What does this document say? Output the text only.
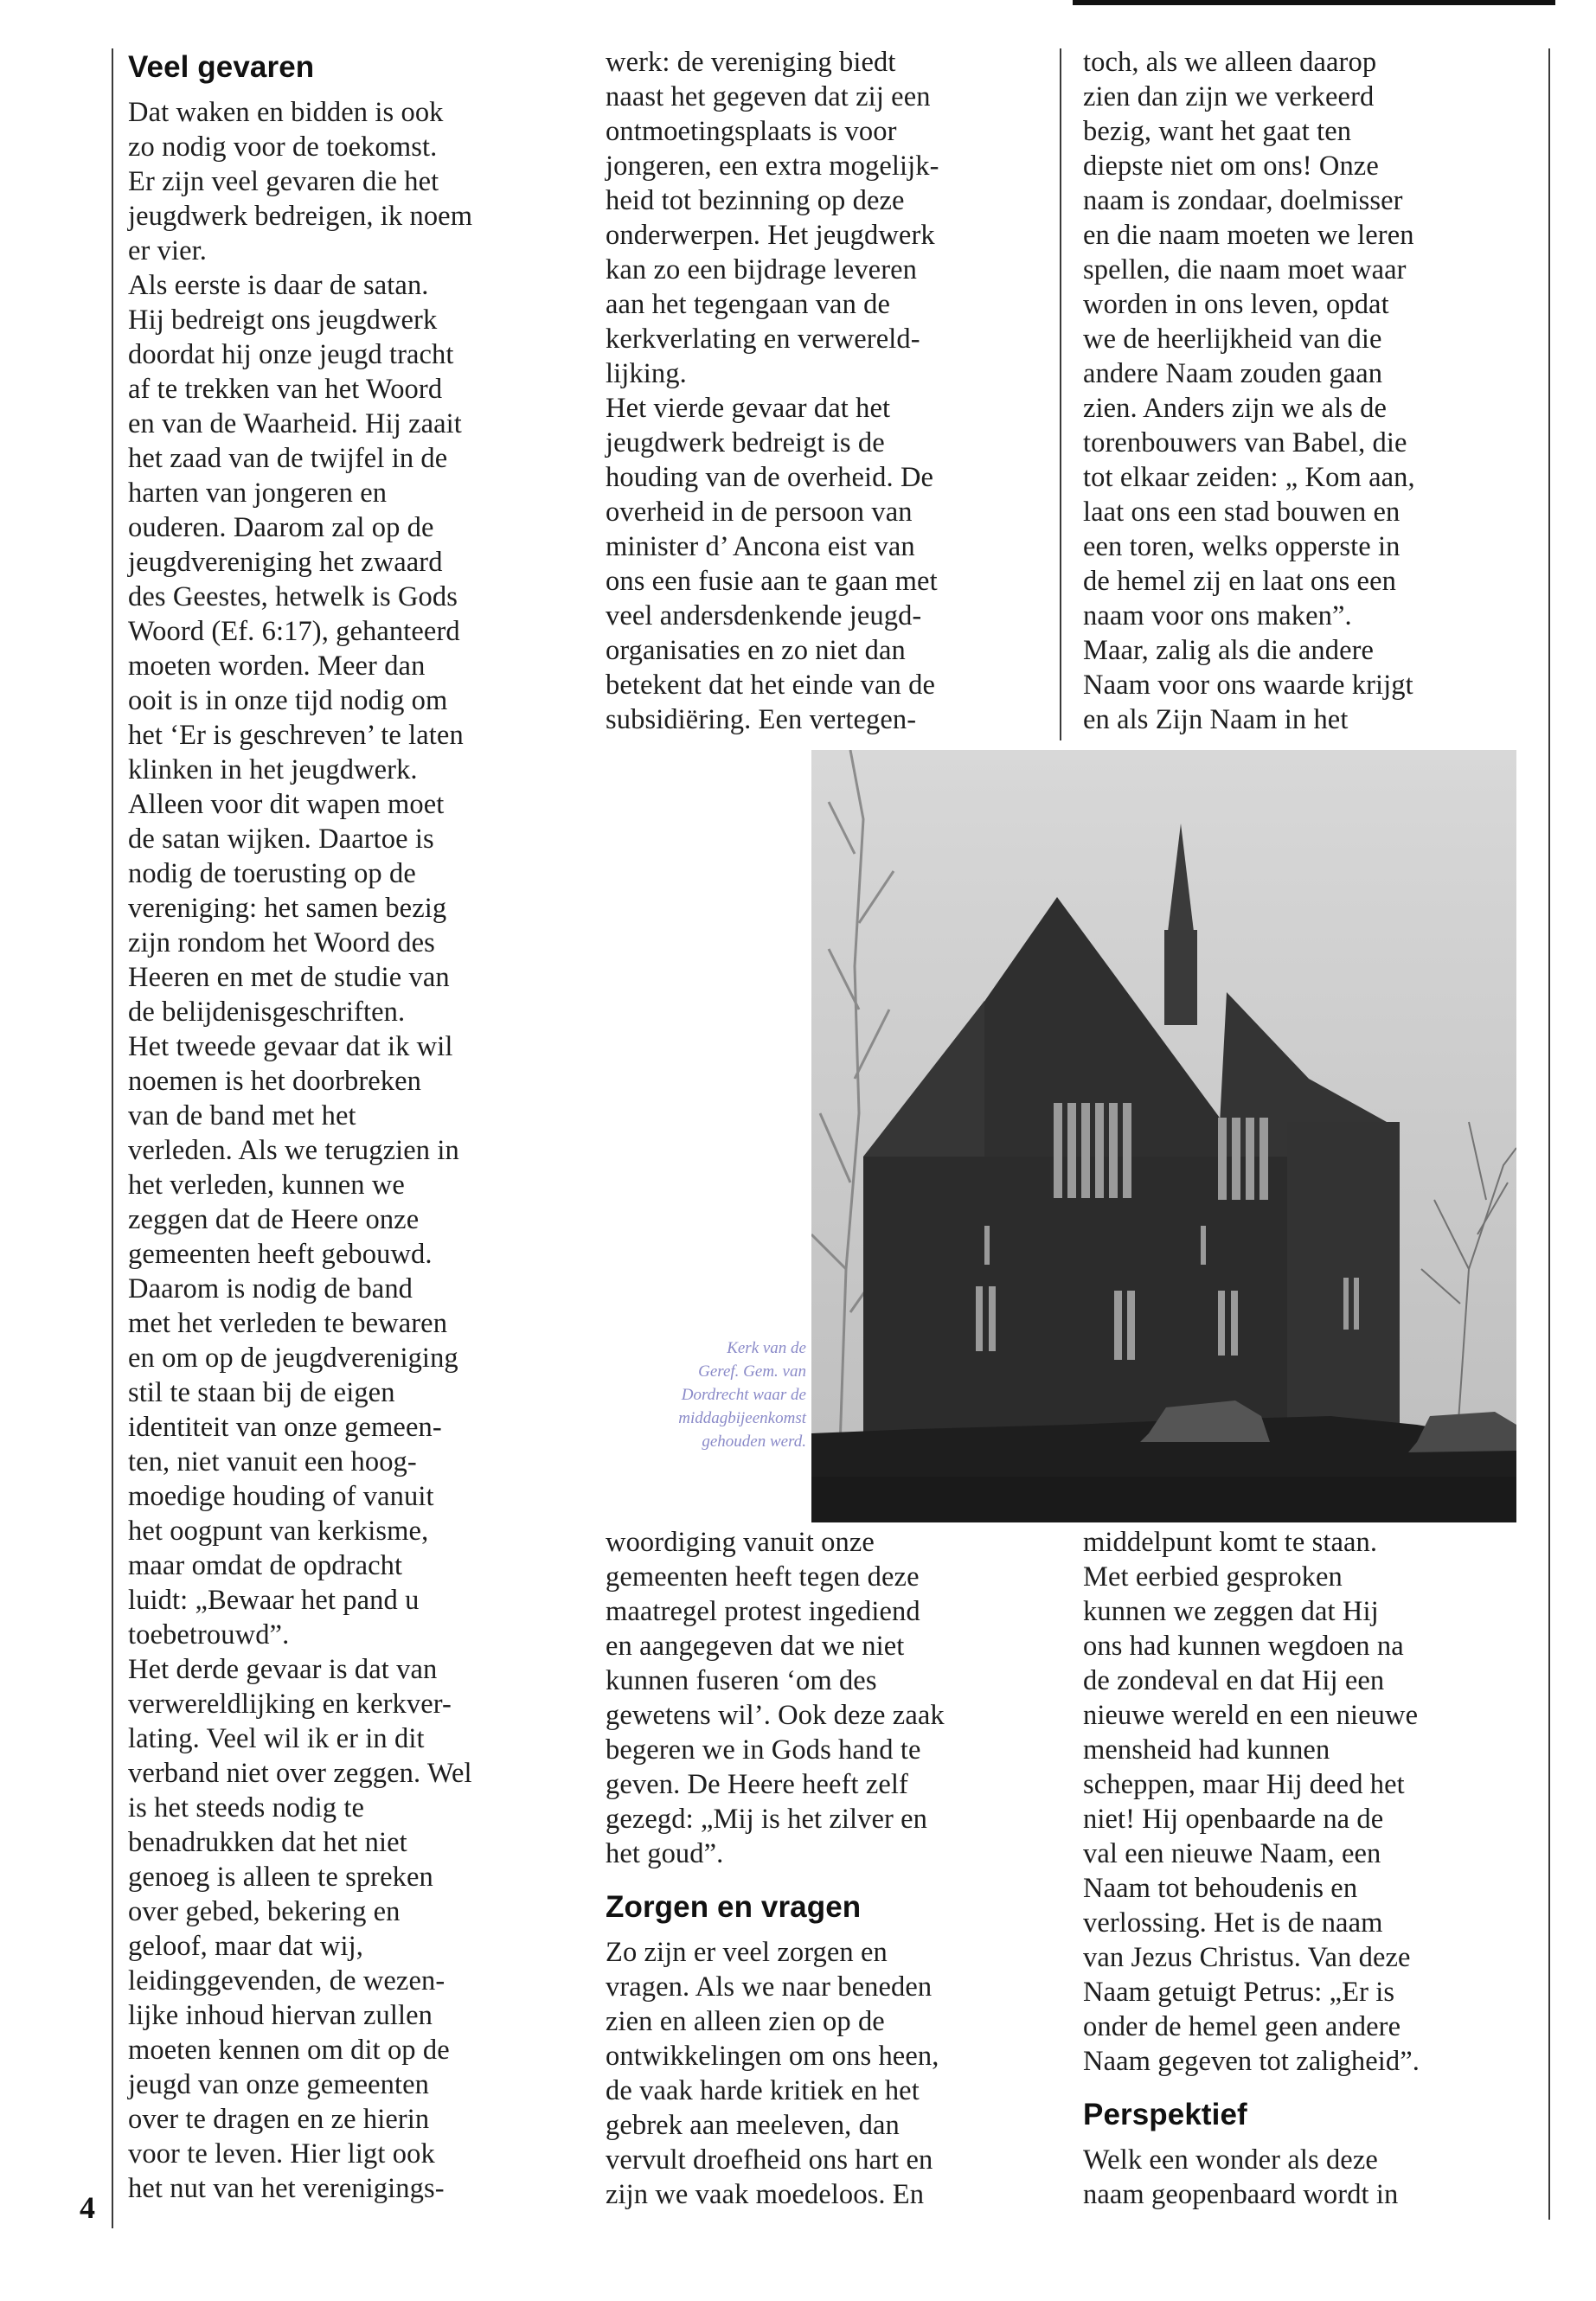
Veel gevaren

Dat waken en bidden is ook

zo nodig voor de toekomst.

Er zijn veel gevaren die het

jeugdwerk bedreigen, ik noem

er vier.

Als eerste is daar de satan.

Hij bedreigt ons jeugdwerk

doordat hij onze jeugd tracht

af te trekken van het Woord

en van de Waarheid. Hij zaait

het zaad van de twijfel in de

harten van jongeren en

ouderen. Daarom zal op de

jeugdvereniging het zwaard

des Geestes, hetwelk is Gods

Woord (Ef. 6:17), gehanteerd

moeten worden. Meer dan

ooit is in onze tijd nodig om

het ‘Er is geschreven’ te laten

klinken in het jeugdwerk.

Alleen voor dit wapen moet

de satan wijken. Daartoe is

nodig de toerusting op de

vereniging: het samen bezig

zijn rondom het Woord des

Heeren en met de studie van

de belijdenisgeschriften.

Het tweede gevaar dat ik wil

noemen is het doorbreken

van de band met het

verleden. Als we terugzien in

het verleden, kunnen we

zeggen dat de Heere onze

gemeenten heeft gebouwd.

Daarom is nodig de band

met het verleden te bewaren

en om op de jeugdvereniging

stil te staan bij de eigen

identiteit van onze gemeen-

ten, niet vanuit een hoog-

moedige houding of vanuit

het oogpunt van kerkisme,

maar omdat de opdracht

luidt: „Bewaar het pand u

toebetrouwd”.

Het derde gevaar is dat van

verwereldlijking en kerkver-

lating. Veel wil ik er in dit

verband niet over zeggen. Wel

is het steeds nodig te

benadrukken dat het niet

genoeg is alleen te spreken

over gebed, bekering en

geloof, maar dat wij,

leidinggevenden, de wezen-

lijke inhoud hiervan zullen

moeten kennen om dit op de

jeugd van onze gemeenten

over te dragen en ze hierin

voor te leven. Hier ligt ook

het nut van het verenigings-

werk: de vereniging biedt

naast het gegeven dat zij een

ontmoetingsplaats is voor

jongeren, een extra mogelijk-

heid tot bezinning op deze

onderwerpen. Het jeugdwerk

kan zo een bijdrage leveren

aan het tegengaan van de

kerkverlating en verwereld-

lijking.

Het vierde gevaar dat het

jeugdwerk bedreigt is de

houding van de overheid. De

overheid in de persoon van

minister d’ Ancona eist van

ons een fusie aan te gaan met

veel andersdenkende jeugd-

organisaties en zo niet dan

betekent dat het einde van de

subsidiëring. Een vertegen-

toch, als we alleen daarop

zien dan zijn we verkeerd

bezig, want het gaat ten

diepste niet om ons! Onze

naam is zondaar, doelmisser

en die naam moeten we leren

spellen, die naam moet waar

worden in ons leven, opdat

we de heerlijkheid van die

andere Naam zouden gaan

zien. Anders zijn we als de

torenbouwers van Babel, die

tot elkaar zeiden: „ Kom aan,

laat ons een stad bouwen en

een toren, welks opperste in

de hemel zij en laat ons een

naam voor ons maken”.

Maar, zalig als die andere

Naam voor ons waarde krijgt

en als Zijn Naam in het

Kerk van de
Geref. Gem. van
Dordrecht waar de
middagbijeenkomst
gehouden werd.

woordiging vanuit onze

gemeenten heeft tegen deze

maatregel protest ingediend

en aangegeven dat we niet

kunnen fuseren ‘om des

gewetens wil’. Ook deze zaak

begeren we in Gods hand te

geven. De Heere heeft zelf

gezegd: „Mij is het zilver en

het goud”.

Zorgen en vragen

Zo zijn er veel zorgen en

vragen. Als we naar beneden

zien en alleen zien op de

ontwikkelingen om ons heen,

de vaak harde kritiek en het

gebrek aan meeleven, dan

vervult droefheid ons hart en

zijn we vaak moedeloos. En

middelpunt komt te staan.

Met eerbied gesproken

kunnen we zeggen dat Hij

ons had kunnen wegdoen na

de zondeval en dat Hij een

nieuwe wereld en een nieuwe

mensheid had kunnen

scheppen, maar Hij deed het

niet! Hij openbaarde na de

val een nieuwe Naam, een

Naam tot behoudenis en

verlossing. Het is de naam

van Jezus Christus. Van deze

Naam getuigt Petrus: „Er is

onder de hemel geen andere

Naam gegeven tot zaligheid”.

Perspektief

Welk een wonder als deze

naam geopenbaard wordt in

4
